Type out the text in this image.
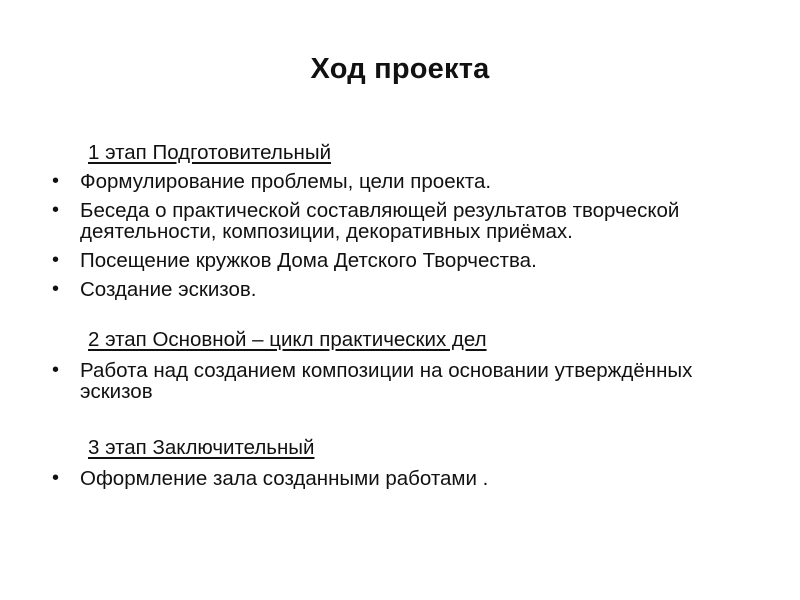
Ход проекта
1 этап Подготовительный
•	Формулирование проблемы, цели проекта.
•	Беседа о практической составляющей результатов творческой деятельности, композиции, декоративных приёмах.
•	Посещение кружков Дома Детского Творчества.
•	Создание эскизов.
2 этап Основной – цикл практических дел
•	Работа над созданием композиции на основании утверждённых эскизов
3 этап Заключительный
•	Оформление зала созданными работами .
